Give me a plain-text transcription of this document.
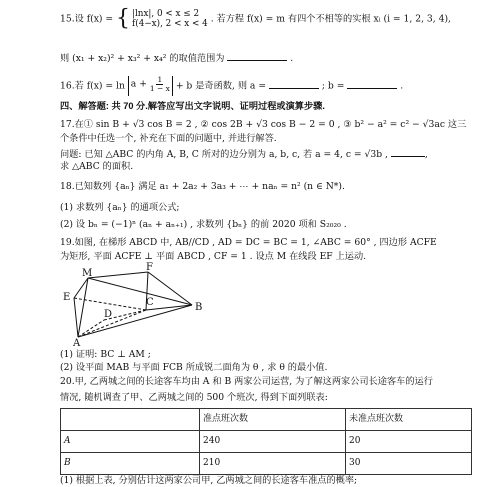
15.设 f(x) = { |lnx|, 0 < x ≤ 2
f(4−x), 2 < x < 4 . 若方程 f(x) = m 有四个不相等的实根 xᵢ (i = 1, 2, 3, 4),
则 (x₁ + x₂)² + x₃² + x₄² 的取值范围为	.
16.若 $f(x) = \ln a + \frac{1}{1 - x} + b$ 是奇函数, 则 a =	; b =	.
四、解答题: 共 70 分.解答应写出文字说明、证明过程或演算步骤.
17.在① sin B + √3 cos B = 2 , ② cos 2B + √3 cos B − 2 = 0 , ③ b² − a² = c² − √3ac 这三
个条件中任选一个, 补充在下面的问题中, 并进行解答.
问题: 已知 △ABC 的内角 A, B, C 所对的边分别为 a, b, c, 若 a = 4, c = √3b ,	,
求 △ABC 的面积.
18.已知数列 {aₙ} 满足 a₁ + 2a₂ + 3a₃ + ⋯ + naₙ = n² (n ∈ N*).
(1) 求数列 {aₙ} 的通项公式;
(2) 设 bₙ = (−1)ⁿ (aₙ + aₙ₊₁) , 求数列 {bₙ} 的前 2020 项和 S₂₀₂₀ .
19.如图, 在梯形 ABCD 中, AB//CD , AD = DC = BC = 1, ∠ABC = 60° , 四边形 ACFE
为矩形, 平面 ACFE ⊥ 平面 ABCD , CF = 1 . 设点 M 在线段 EF 上运动.
M
F
E	C
D
B
A
(1) 证明: BC ⊥ AM ;
(2) 设平面 MAB 与平面 FCB 所成锐二面角为 θ , 求 θ 的最小值.
20.甲, 乙两城之间的长途客车均由 A 和 B 两家公司运营, 为了解这两家公司长途客车的运行
情况, 随机调查了甲、乙两城之间的 500 个班次, 得到下面列联表:
	准点班次数	未准点班次数
A	240	20
B	210	30
(1) 根据上表, 分别估计这两家公司甲, 乙两城之间的长途客车准点的概率;
